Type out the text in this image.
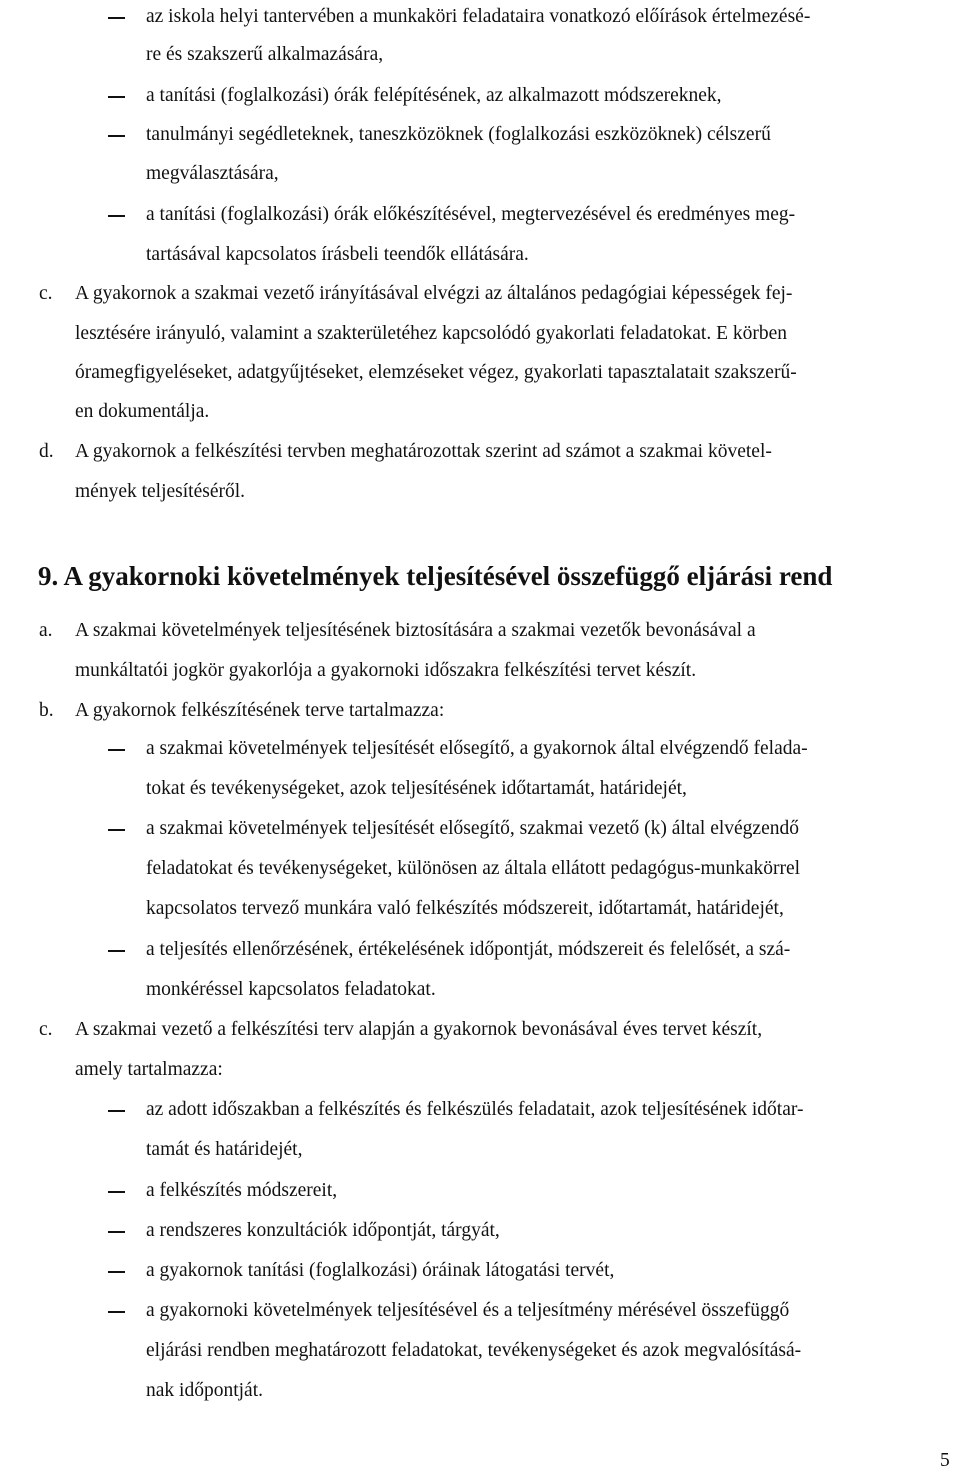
az iskola helyi tantervében a munkaköri feladataira vonatkozó előírások értelmezésé-
re és szakszerű alkalmazására,
a tanítási (foglalkozási) órák felépítésének, az alkalmazott módszereknek,
tanulmányi segédleteknek, taneszközöknek (foglalkozási eszközöknek) célszerű
megválasztására,
a tanítási (foglalkozási) órák előkészítésével, megtervezésével és eredményes meg-
tartásával kapcsolatos írásbeli teendők ellátására.
c. A gyakornok a szakmai vezető irányításával elvégzi az általános pedagógiai képességek fej-
lesztésére irányuló, valamint a szakterületéhez kapcsolódó gyakorlati feladatokat. E körben
óramegfigyeléseket, adatgyűjtéseket, elemzéseket végez, gyakorlati tapasztalatait szakszerű-
en dokumentálja.
d. A gyakornok a felkészítési tervben meghatározottak szerint ad számot a szakmai követel-
mények teljesítéséről.
9. A gyakornoki követelmények teljesítésével összefüggő eljárási rend
a. A szakmai követelmények teljesítésének biztosítására a szakmai vezetők bevonásával a
munkáltatói jogkör gyakorlója a gyakornoki időszakra felkészítési tervet készít.
b. A gyakornok felkészítésének terve tartalmazza:
a szakmai követelmények teljesítését elősegítő, a gyakornok által elvégzendő felada-
tokat és tevékenységeket, azok teljesítésének időtartamát, határidejét,
a szakmai követelmények teljesítését elősegítő, szakmai vezető (k) által elvégzendő
feladatokat és tevékenységeket, különösen az általa ellátott pedagógus-munkakörrel
kapcsolatos tervező munkára való felkészítés módszereit, időtartamát, határidejét,
a teljesítés ellenőrzésének, értékelésének időpontját, módszereit és felelősét, a szá-
monkéréssel kapcsolatos feladatokat.
c. A szakmai vezető a felkészítési terv alapján a gyakornok bevonásával éves tervet készít,
amely tartalmazza:
az adott időszakban a felkészítés és felkészülés feladatait, azok teljesítésének időtar-
tamát és határidejét,
a felkészítés módszereit,
a rendszeres konzultációk időpontját, tárgyát,
a gyakornok tanítási (foglalkozási) óráinak látogatási tervét,
a gyakornoki követelmények teljesítésével és a teljesítmény mérésével összefüggő
eljárási rendben meghatározott feladatokat, tevékenységeket és azok megvalósításá-
nak időpontját.
5
